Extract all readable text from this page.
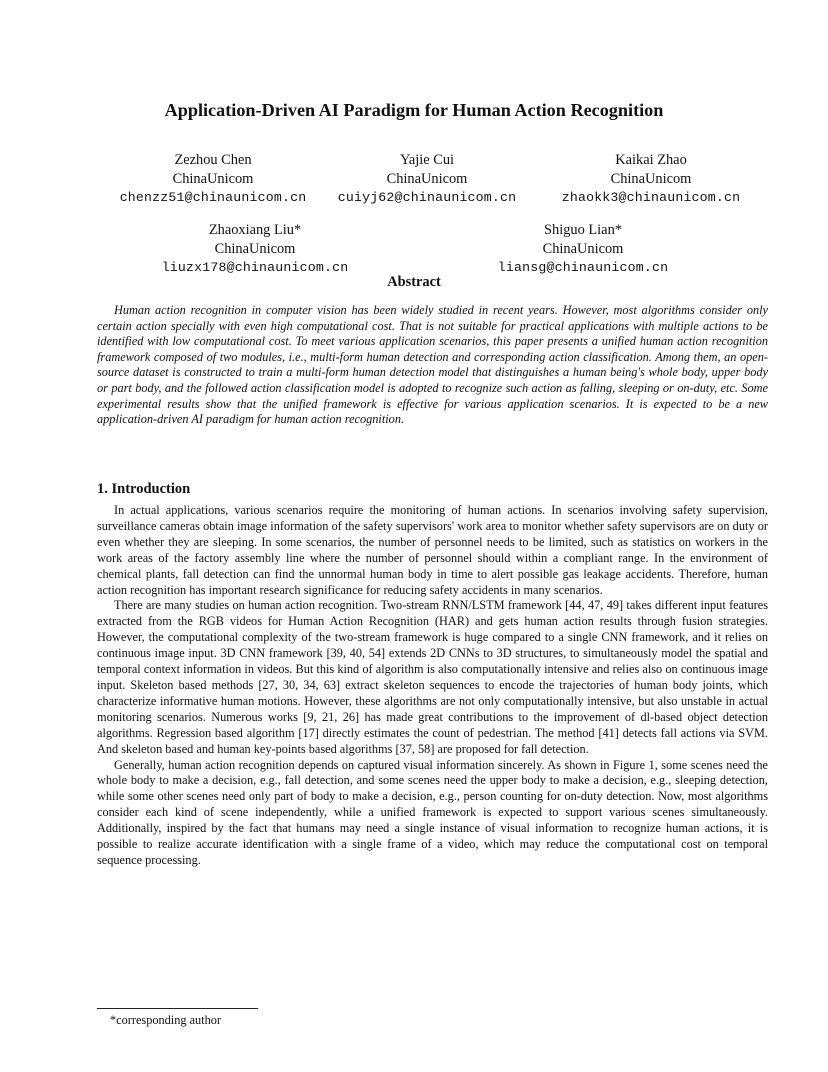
Application-Driven AI Paradigm for Human Action Recognition
Zezhou Chen
ChinaUnicom
chenzz51@chinaunicom.cn
Yajie Cui
ChinaUnicom
cuiyj62@chinaunicom.cn
Kaikai Zhao
ChinaUnicom
zhaokk3@chinaunicom.cn
Zhaoxiang Liu*
ChinaUnicom
liuzx178@chinaunicom.cn
Shiguo Lian*
ChinaUnicom
liansg@chinaunicom.cn
Abstract

Human action recognition in computer vision has been widely studied in recent years. However, most algorithms consider only certain action specially with even high computational cost. That is not suitable for practical applications with multiple actions to be identified with low computational cost. To meet various application scenarios, this paper presents a unified human action recognition framework composed of two modules, i.e., multi-form human detection and corresponding action classification. Among them, an open-source dataset is constructed to train a multi-form human detection model that distinguishes a human being's whole body, upper body or part body, and the followed action classification model is adopted to recognize such action as falling, sleeping or on-duty, etc. Some experimental results show that the unified framework is effective for various application scenarios. It is expected to be a new application-driven AI paradigm for human action recognition.

1. Introduction

In actual applications, various scenarios require the monitoring of human actions. In scenarios involving safety supervision, surveillance cameras obtain image information of the safety supervisors' work area to monitor whether safety supervisors are on duty or even whether they are sleeping. In some scenarios, the number of personnel needs to be limited, such as statistics on workers in the work areas of the factory assembly line where the number of personnel should within a compliant range. In the environment of chemical plants, fall detection can find the unnormal human body in time to alert possible gas leakage accidents. Therefore, human action recognition has important research significance for reducing safety accidents in many scenarios.

There are many studies on human action recognition. Two-stream RNN/LSTM framework [44, 47, 49] takes different input features extracted from the RGB videos for Human Action Recognition (HAR) and gets human action results through fusion strategies. However, the computational complexity of the two-stream framework is huge compared to a single CNN framework, and it relies on continuous image input. 3D CNN framework [39, 40, 54] extends 2D CNNs to 3D structures, to simultaneously model the spatial and temporal context information in videos. But this kind of algorithm is also computationally intensive and relies also on continuous image input. Skeleton based methods [27, 30, 34, 63] extract skeleton sequences to encode the trajectories of human body joints, which characterize informative human motions. However, these algorithms are not only computationally intensive, but also unstable in actual monitoring scenarios. Numerous works [9, 21, 26] has made great contributions to the improvement of dl-based object detection algorithms. Regression based algorithm [17] directly estimates the count of pedestrian. The method [41] detects fall actions via SVM. And skeleton based and human key-points based algorithms [37, 58] are proposed for fall detection.

Generally, human action recognition depends on captured visual information sincerely. As shown in Figure 1, some scenes need the whole body to make a decision, e.g., fall detection, and some scenes need the upper body to make a decision, e.g., sleeping detection, while some other scenes need only part of body to make a decision, e.g., person counting for on-duty detection. Now, most algorithms consider each kind of scene independently, while a unified framework is expected to support various scenes simultaneously. Additionally, inspired by the fact that humans may need a single instance of visual information to recognize human actions, it is possible to realize accurate identification with a single frame of a video, which may reduce the computational cost on temporal sequence processing.

*corresponding author
